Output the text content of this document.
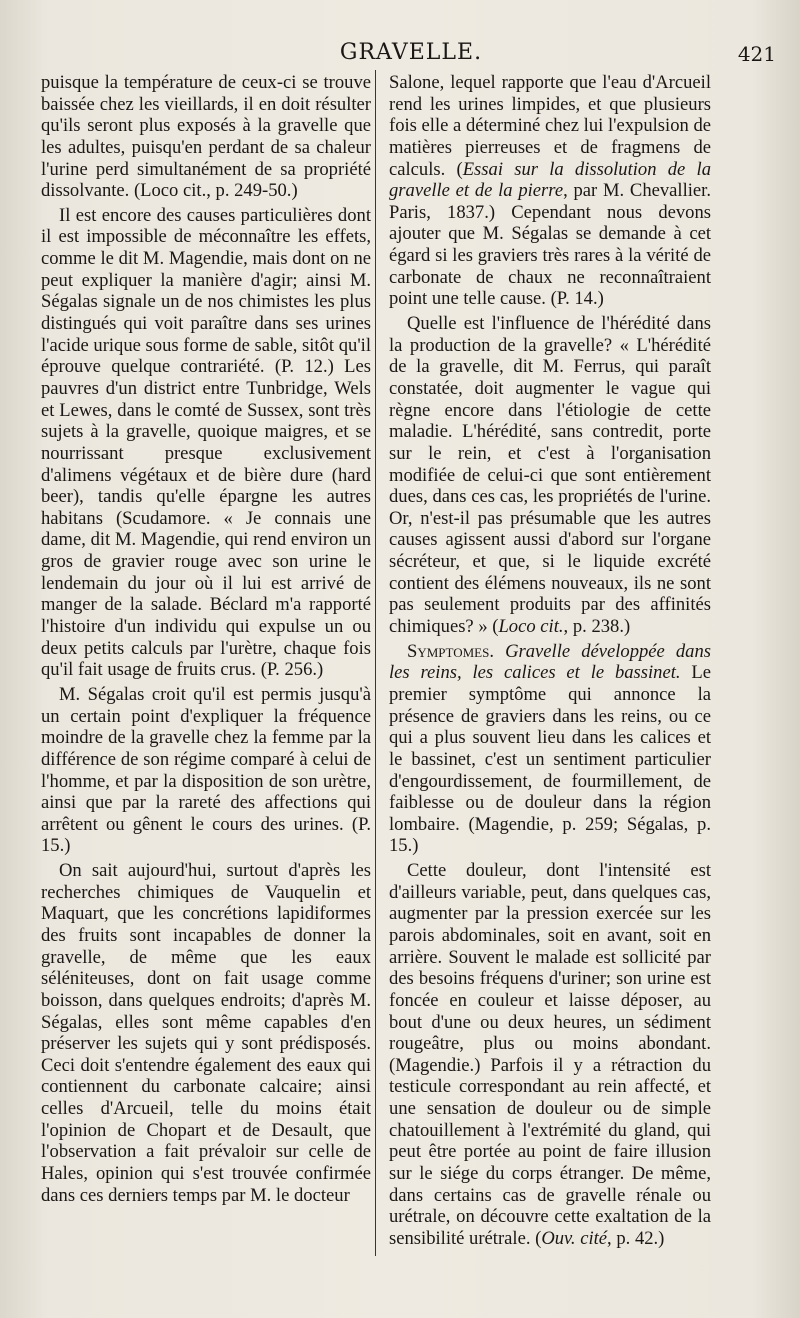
GRAVELLE.	421

puisque la température de ceux-ci se trouve baissée chez les vieillards, il en doit résulter qu'ils seront plus exposés à la gravelle que les adultes, puisqu'en perdant de sa chaleur l'urine perd simultanément de sa propriété dissolvante. (Loco cit., p. 249-50.)

Il est encore des causes particulières dont il est impossible de méconnaître les effets, comme le dit M. Magendie, mais dont on ne peut expliquer la manière d'agir; ainsi M. Ségalas signale un de nos chimistes les plus distingués qui voit paraître dans ses urines l'acide urique sous forme de sable, sitôt qu'il éprouve quelque contrariété. (P. 12.) Les pauvres d'un district entre Tunbridge, Wels et Lewes, dans le comté de Sussex, sont très sujets à la gravelle, quoique maigres, et se nourrissant presque exclusivement d'alimens végétaux et de bière dure (hard beer), tandis qu'elle épargne les autres habitans (Scudamore. « Je connais une dame, dit M. Magendie, qui rend environ un gros de gravier rouge avec son urine le lendemain du jour où il lui est arrivé de manger de la salade. Béclard m'a rapporté l'histoire d'un individu qui expulse un ou deux petits calculs par l'urètre, chaque fois qu'il fait usage de fruits crus. (P. 256.)

M. Ségalas croit qu'il est permis jusqu'à un certain point d'expliquer la fréquence moindre de la gravelle chez la femme par la différence de son régime comparé à celui de l'homme, et par la disposition de son urètre, ainsi que par la rareté des affections qui arrêtent ou gênent le cours des urines. (P. 15.)

On sait aujourd'hui, surtout d'après les recherches chimiques de Vauquelin et Maquart, que les concrétions lapidiformes des fruits sont incapables de donner la gravelle, de même que les eaux séléniteuses, dont on fait usage comme boisson, dans quelques endroits; d'après M. Ségalas, elles sont même capables d'en préserver les sujets qui y sont prédisposés. Ceci doit s'entendre également des eaux qui contiennent du carbonate calcaire; ainsi celles d'Arcueil, telle du moins était l'opinion de Chopart et de Desault, que l'observation a fait prévaloir sur celle de Hales, opinion qui s'est trouvée confirmée dans ces derniers temps par M. le docteur

Salone, lequel rapporte que l'eau d'Arcueil rend les urines limpides, et que plusieurs fois elle a déterminé chez lui l'expulsion de matières pierreuses et de fragmens de calculs. (Essai sur la dissolution de la gravelle et de la pierre, par M. Chevallier. Paris, 1837.) Cependant nous devons ajouter que M. Ségalas se demande à cet égard si les graviers très rares à la vérité de carbonate de chaux ne reconnaîtraient point une telle cause. (P. 14.)

Quelle est l'influence de l'hérédité dans la production de la gravelle? « L'hérédité de la gravelle, dit M. Ferrus, qui paraît constatée, doit augmenter le vague qui règne encore dans l'étiologie de cette maladie. L'hérédité, sans contredit, porte sur le rein, et c'est à l'organisation modifiée de celui-ci que sont entièrement dues, dans ces cas, les propriétés de l'urine. Or, n'est-il pas présumable que les autres causes agissent aussi d'abord sur l'organe sécréteur, et que, si le liquide excrété contient des élémens nouveaux, ils ne sont pas seulement produits par des affinités chimiques? » (Loco cit., p. 238.)

Symptomes. Gravelle développée dans les reins, les calices et le bassinet. Le premier symptôme qui annonce la présence de graviers dans les reins, ou ce qui a plus souvent lieu dans les calices et le bassinet, c'est un sentiment particulier d'engourdissement, de fourmillement, de faiblesse ou de douleur dans la région lombaire. (Magendie, p. 259; Ségalas, p. 15.)

Cette douleur, dont l'intensité est d'ailleurs variable, peut, dans quelques cas, augmenter par la pression exercée sur les parois abdominales, soit en avant, soit en arrière. Souvent le malade est sollicité par des besoins fréquens d'uriner; son urine est foncée en couleur et laisse déposer, au bout d'une ou deux heures, un sédiment rougeâtre, plus ou moins abondant. (Magendie.) Parfois il y a rétraction du testicule correspondant au rein affecté, et une sensation de douleur ou de simple chatouillement à l'extrémité du gland, qui peut être portée au point de faire illusion sur le siége du corps étranger. De même, dans certains cas de gravelle rénale ou urétrale, on découvre cette exaltation de la sensibilité urétrale. (Ouv. cité, p. 42.)
